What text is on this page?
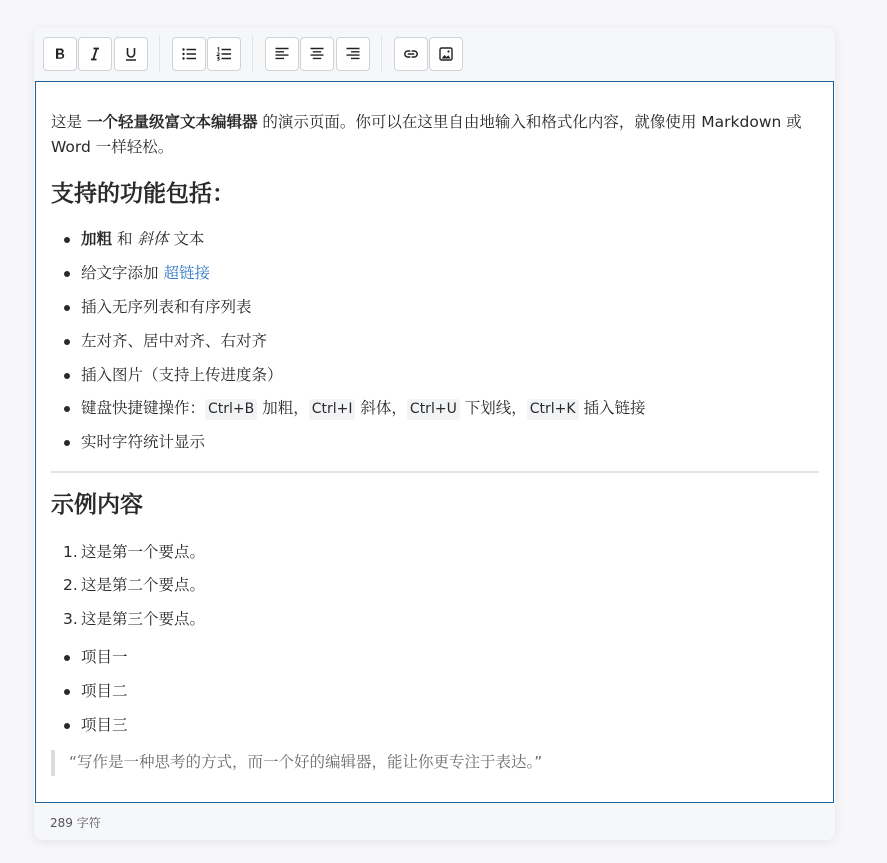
这是 一个轻量级富文本编辑器 的演示页面。你可以在这里自由地输入和格式化内容，就像使用 Markdown 或 Word 一样轻松。

支持的功能包括：
加粗 和 斜体 文本
给文字添加 超链接
插入无序列表和有序列表
左对齐、居中对齐、右对齐
插入图片（支持上传进度条）
键盘快捷键操作： Ctrl+B 加粗， Ctrl+I 斜体， Ctrl+U 下划线， Ctrl+K 插入链接
实时字符统计显示
示例内容
1. 这是第一个要点。
2. 这是第二个要点。
3. 这是第三个要点。
项目一
项目二
项目三
“写作是一种思考的方式，而一个好的编辑器，能让你更专注于表达。”
289 字符
